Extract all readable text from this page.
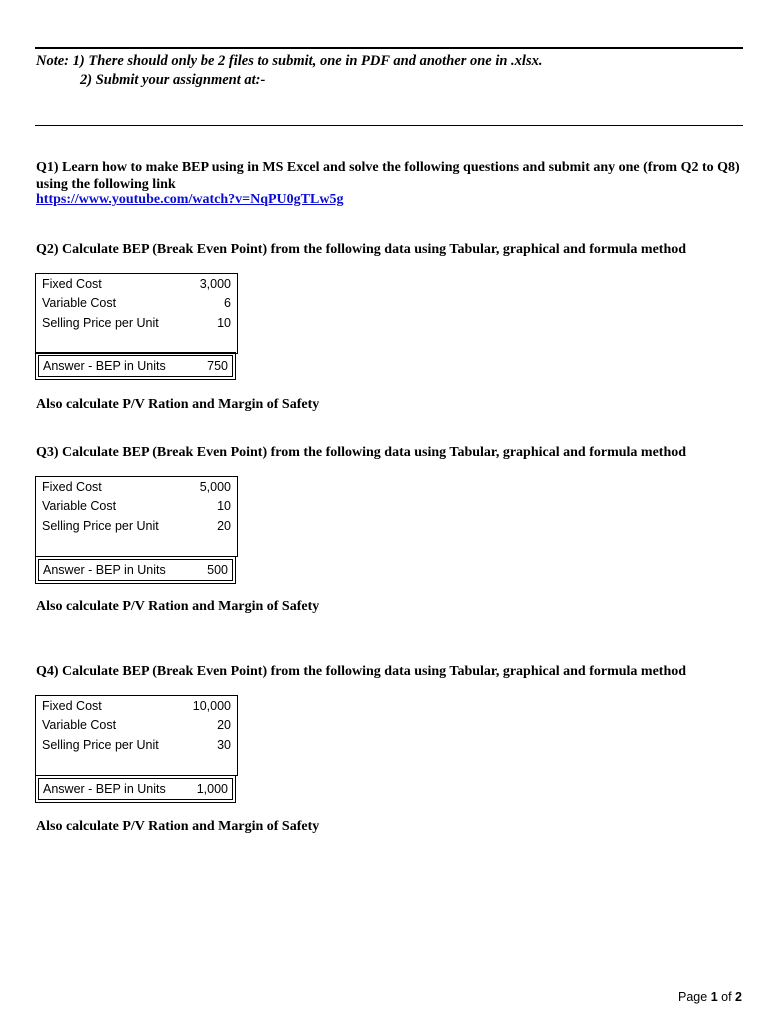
Note: 1) There should only be 2 files to submit, one in PDF and another one in .xlsx.
2) Submit your assignment at:-
Q1) Learn how to make BEP using in MS Excel and solve the following questions and submit any one (from Q2 to Q8)
using the following link
https://www.youtube.com/watch?v=NqPU0gTLw5g
Q2) Calculate BEP (Break Even Point) from the following data using Tabular, graphical and formula method
Fixed Cost	3,000
Variable Cost	6
Selling Price per Unit	10
Answer - BEP in Units	750
Also calculate P/V Ration and Margin of Safety
Q3) Calculate BEP (Break Even Point) from the following data using Tabular, graphical and formula method
Fixed Cost	5,000
Variable Cost	10
Selling Price per Unit	20
Answer - BEP in Units	500
Also calculate P/V Ration and Margin of Safety
Q4) Calculate BEP (Break Even Point) from the following data using Tabular, graphical and formula method
Fixed Cost	10,000
Variable Cost	20
Selling Price per Unit	30
Answer - BEP in Units 1,000
Also calculate P/V Ration and Margin of Safety
Page 1 of 2
